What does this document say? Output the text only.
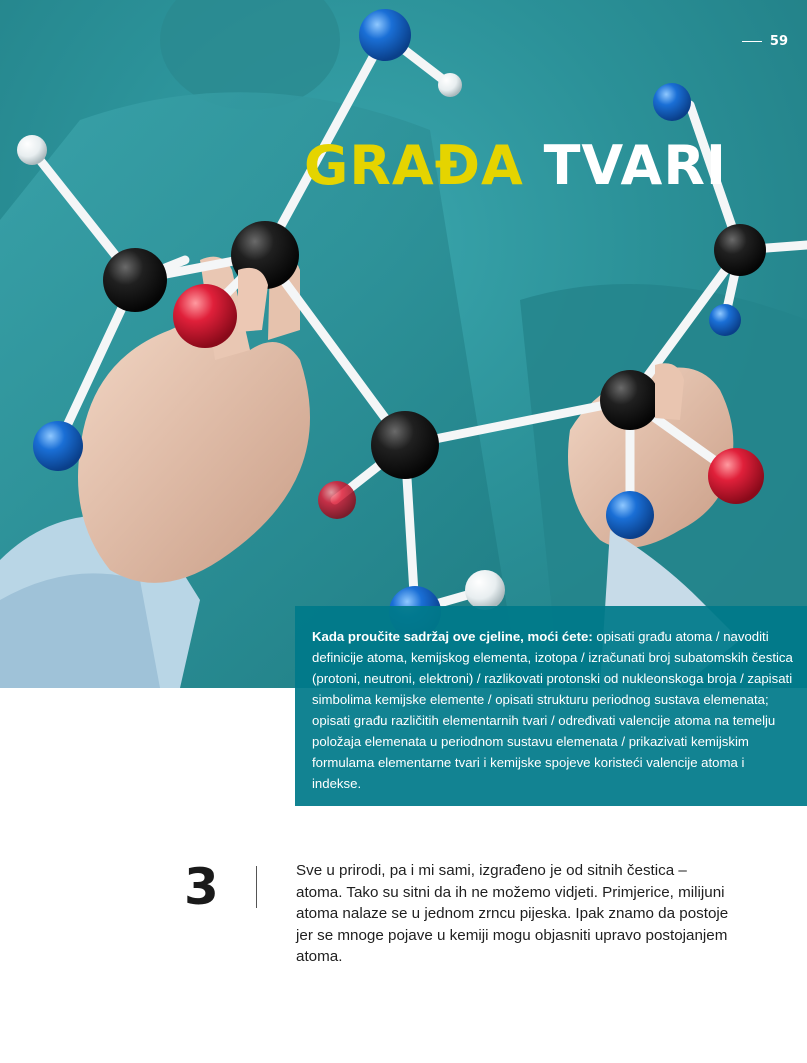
59
GRAĐA TVARI
Kada proučite sadržaj ove cjeline, moći ćete: opisati građu atoma / navoditi definicije atoma, kemijskog elementa, izotopa / izračunati broj subatomskih čestica (protoni, neutroni, elektroni) / razlikovati protonski od nukleonskoga broja / zapisati simbolima kemijske elemente / opisati strukturu periodnog sustava elemenata; opisati građu različitih elementarnih tvari / određivati valencije atoma na temelju položaja elemenata u periodnom sustavu elemenata / prikazivati kemijskim formulama elementarne tvari i kemijske spojeve koristeći valencije atoma i indekse.
3	Sve u prirodi, pa i mi sami, izgrađeno je od sitnih čestica – atoma. Tako su sitni da ih ne možemo vidjeti. Primjerice, milijuni atoma nalaze se u jednom zrncu pijeska. Ipak znamo da postoje jer se mnoge pojave u kemiji mogu objasniti upravo postojanjem atoma.
